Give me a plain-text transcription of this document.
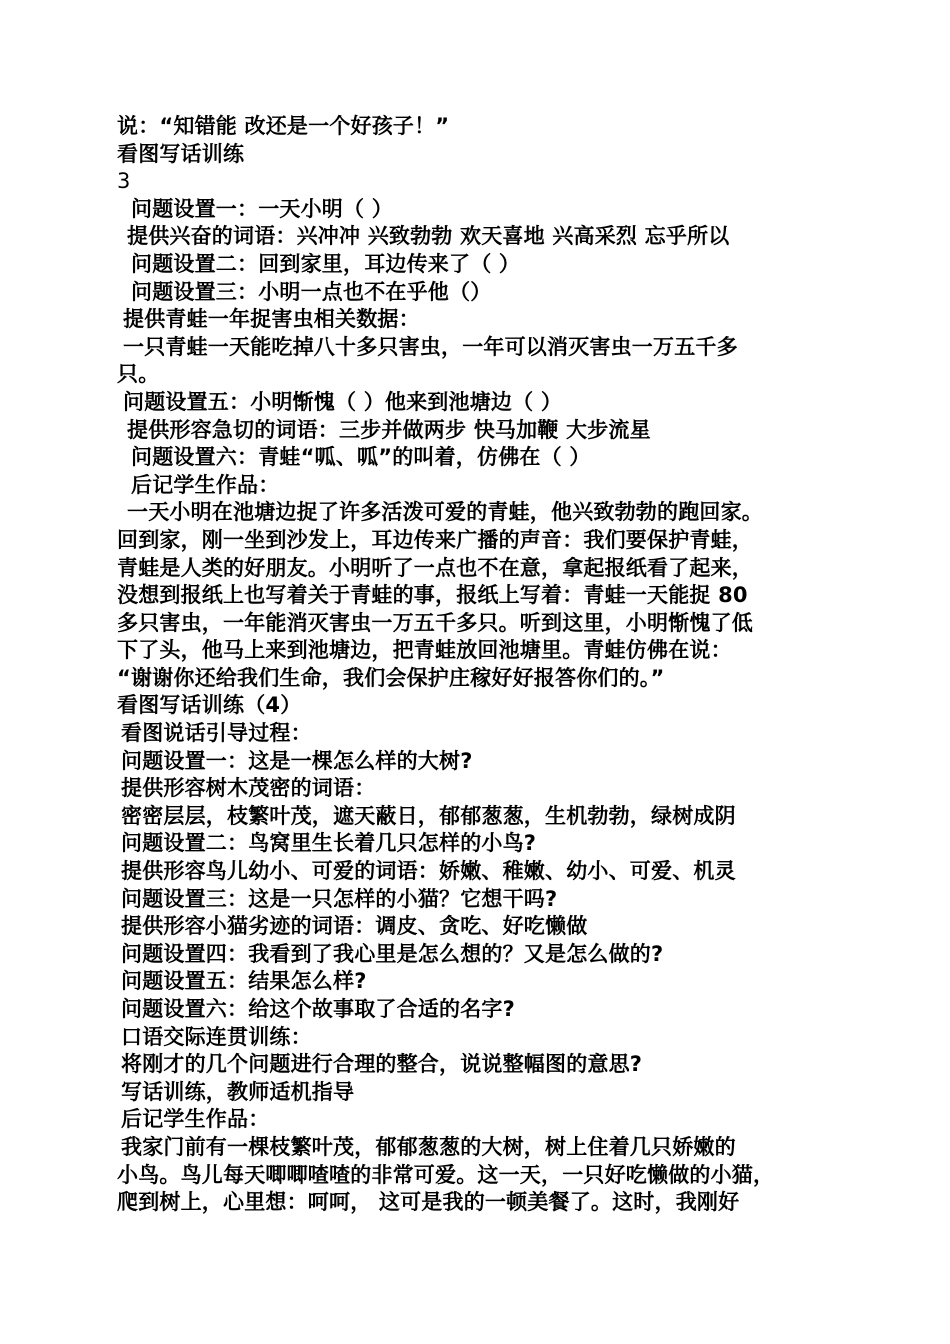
说：“知错能 改还是一个好孩子！”
看图写话训练
3
问题设置一：一天小明（ ）
提供兴奋的词语：兴冲冲 兴致勃勃 欢天喜地 兴高采烈 忘乎所以
问题设置二：回到家里，耳边传来了（ ）
问题设置三：小明一点也不在乎他（）
提供青蛙一年捉害虫相关数据：
一只青蛙一天能吃掉八十多只害虫，一年可以消灭害虫一万五千多
只。
问题设置五：小明惭愧（ ）他来到池塘边（ ）
提供形容急切的词语：三步并做两步 快马加鞭 大步流星
问题设置六：青蛙“呱、呱”的叫着，仿佛在（ ）
后记学生作品：
一天小明在池塘边捉了许多活泼可爱的青蛙，他兴致勃勃的跑回家。
回到家，刚一坐到沙发上，耳边传来广播的声音：我们要保护青蛙，
青蛙是人类的好朋友。小明听了一点也不在意，拿起报纸看了起来，
没想到报纸上也写着关于青蛙的事，报纸上写着：青蛙一天能捉 80
多只害虫，一年能消灭害虫一万五千多只。听到这里，小明惭愧了低
下了头，他马上来到池塘边，把青蛙放回池塘里。青蛙仿佛在说：
“谢谢你还给我们生命，我们会保护庄稼好好报答你们的。”
看图写话训练（4）
看图说话引导过程：
问题设置一：这是一棵怎么样的大树?
提供形容树木茂密的词语：
密密层层，枝繁叶茂，遮天蔽日，郁郁葱葱，生机勃勃，绿树成阴
问题设置二：鸟窝里生长着几只怎样的小鸟?
提供形容鸟儿幼小、可爱的词语：娇嫩、稚嫩、幼小、可爱、机灵
问题设置三：这是一只怎样的小猫？它想干吗?
提供形容小猫劣迹的词语：调皮、贪吃、好吃懒做
问题设置四：我看到了我心里是怎么想的？又是怎么做的?
问题设置五：结果怎么样?
问题设置六：给这个故事取了合适的名字?
口语交际连贯训练：
将刚才的几个问题进行合理的整合，说说整幅图的意思?
写话训练，教师适机指导
后记学生作品：
我家门前有一棵枝繁叶茂，郁郁葱葱的大树，树上住着几只娇嫩的
小鸟。鸟儿每天唧唧喳喳的非常可爱。这一天，一只好吃懒做的小猫，
爬到树上，心里想：呵呵， 这可是我的一顿美餐了。这时，我刚好
